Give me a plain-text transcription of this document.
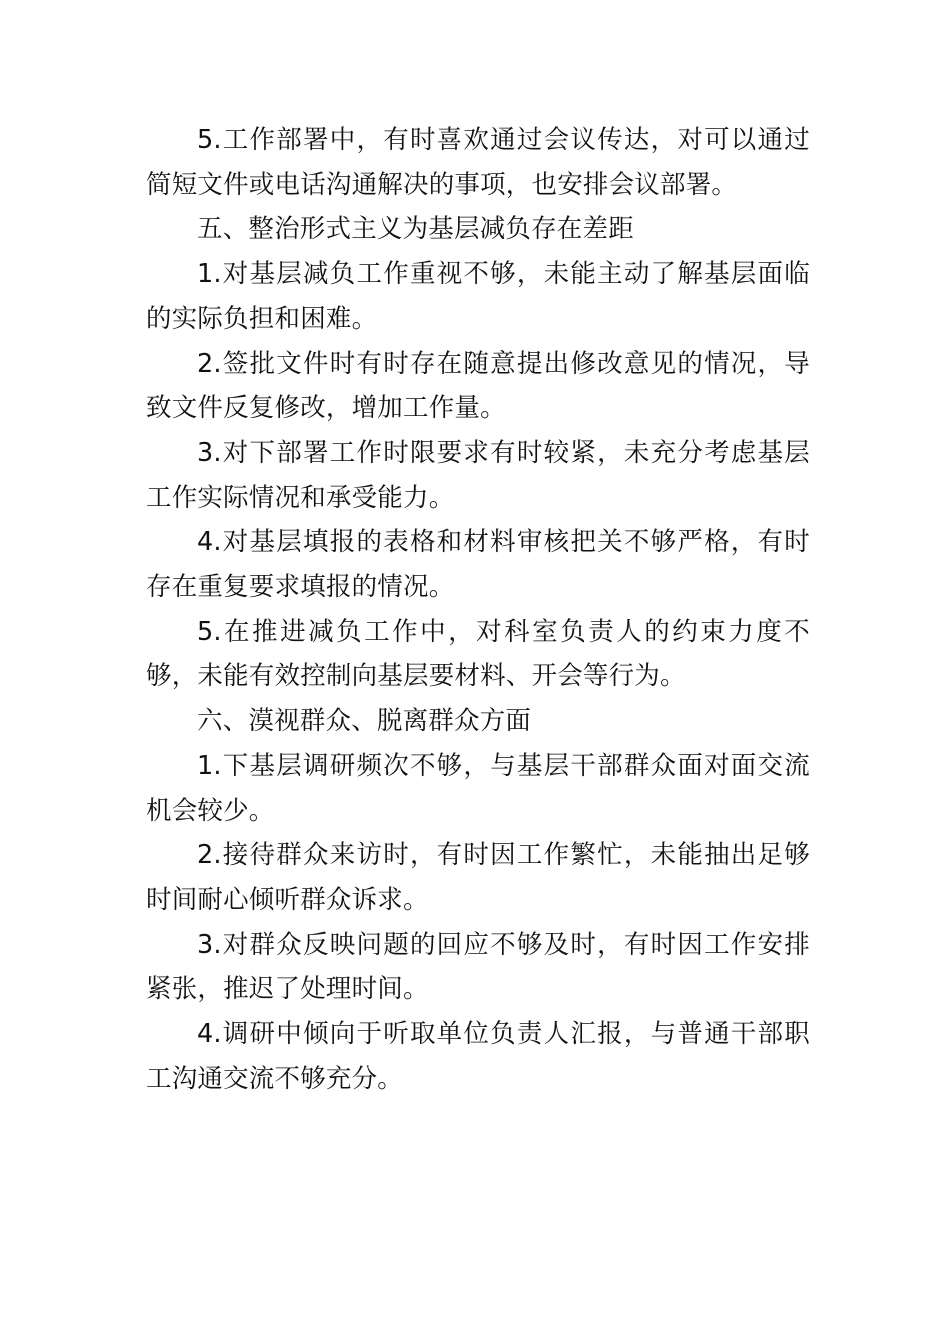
5.工作部署中，有时喜欢通过会议传达，对可以通过简短文件或电话沟通解决的事项，也安排会议部署。

五、整治形式主义为基层减负存在差距

1.对基层减负工作重视不够，未能主动了解基层面临的实际负担和困难。

2.签批文件时有时存在随意提出修改意见的情况，导致文件反复修改，增加工作量。

3.对下部署工作时限要求有时较紧，未充分考虑基层工作实际情况和承受能力。

4.对基层填报的表格和材料审核把关不够严格，有时存在重复要求填报的情况。

5.在推进减负工作中，对科室负责人的约束力度不够，未能有效控制向基层要材料、开会等行为。

六、漠视群众、脱离群众方面

1.下基层调研频次不够，与基层干部群众面对面交流机会较少。

2.接待群众来访时，有时因工作繁忙，未能抽出足够时间耐心倾听群众诉求。

3.对群众反映问题的回应不够及时，有时因工作安排紧张，推迟了处理时间。

4.调研中倾向于听取单位负责人汇报，与普通干部职工沟通交流不够充分。
